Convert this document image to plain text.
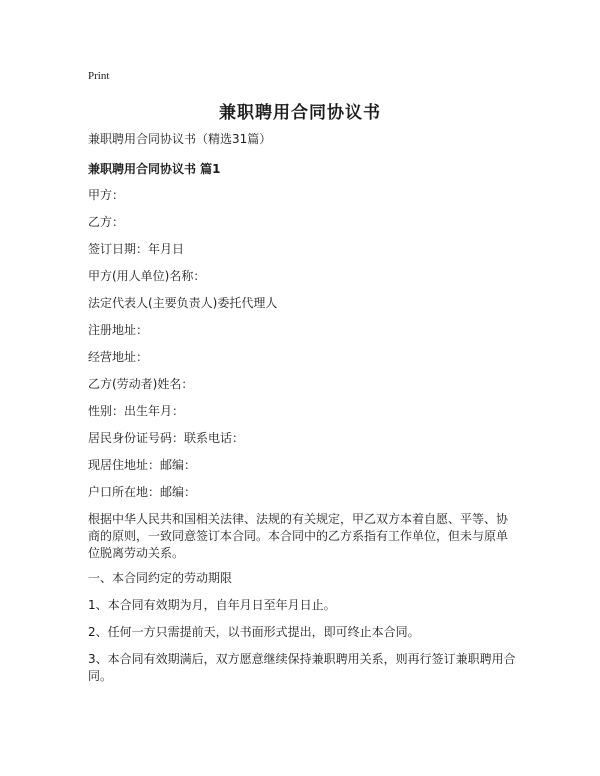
Print
兼职聘用合同协议书
兼职聘用合同协议书（精选31篇）
兼职聘用合同协议书 篇1
甲方：
乙方：
签订日期：年月日
甲方(用人单位)名称：
法定代表人(主要负责人)委托代理人
注册地址：
经营地址：
乙方(劳动者)姓名：
性别：出生年月：
居民身份证号码：联系电话：
现居住地址：邮编：
户口所在地：邮编：
根据中华人民共和国相关法律、法规的有关规定，甲乙双方本着自愿、平等、协商的原则，一致同意签订本合同。本合同中的乙方系指有工作单位，但未与原单位脱离劳动关系。
一、本合同约定的劳动期限
1、本合同有效期为月，自年月日至年月日止。
2、任何一方只需提前天，以书面形式提出，即可终止本合同。
3、本合同有效期满后，双方愿意继续保持兼职聘用关系，则再行签订兼职聘用合同。
